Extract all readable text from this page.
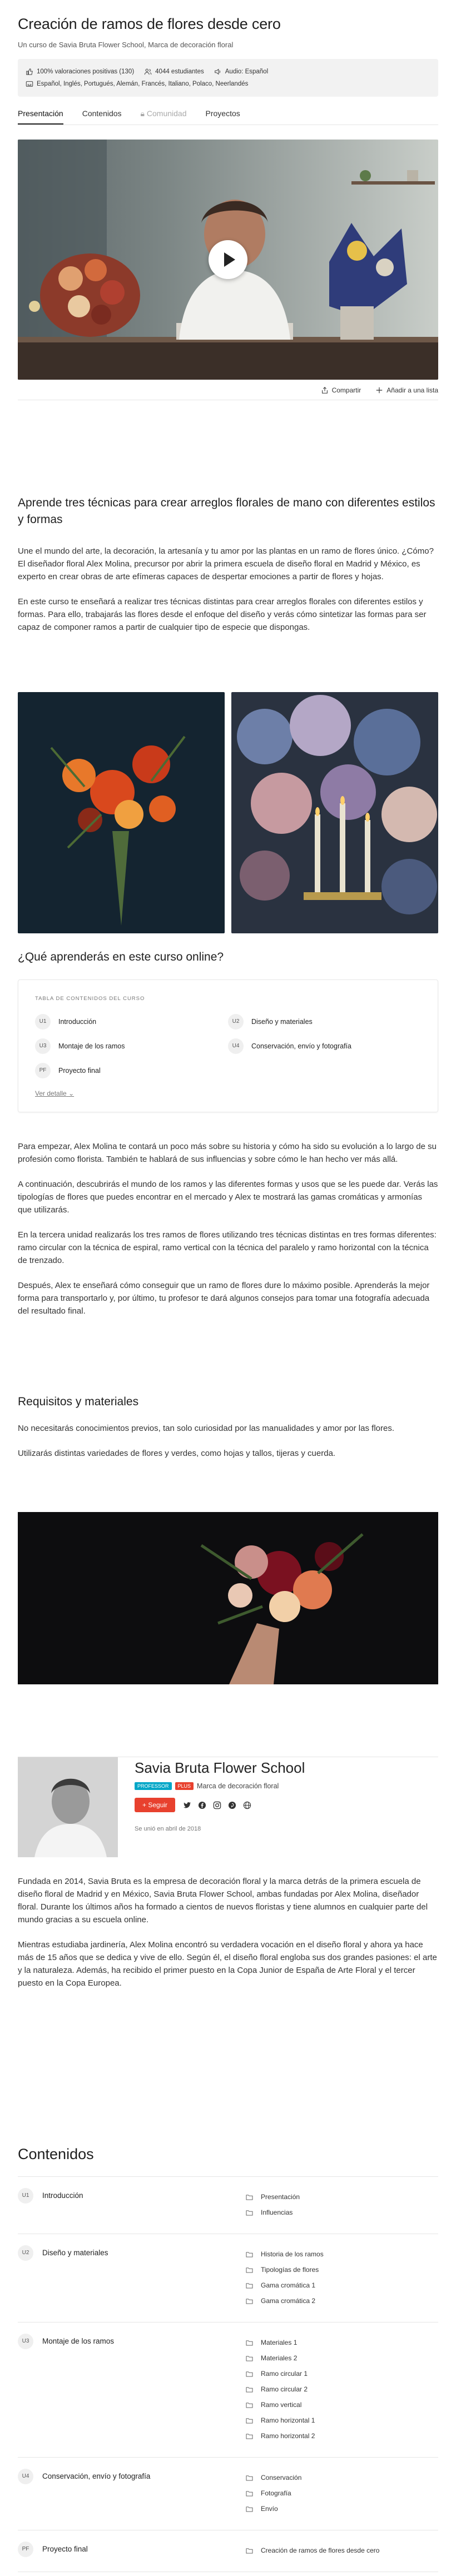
Creación de ramos de flores desde cero
Un curso de Savia Bruta Flower School, Marca de decoración floral
100% valoraciones positivas (130)	4044 estudiantes	Audio: Español
Español, Inglés, Portugués, Alemán, Francés, Italiano, Polaco, Neerlandés
Presentación Contenidos 🔒︎ Comunidad Proyectos
Compartir	Añadir a una lista
Aprende tres técnicas para crear arreglos florales de mano con diferentes estilos y formas

Une el mundo del arte, la decoración, la artesanía y tu amor por las plantas en un ramo de flores único. ¿Cómo? El diseñador floral Alex Molina, precursor por abrir la primera escuela de diseño floral en Madrid y México, es experto en crear obras de arte efímeras capaces de despertar emociones a partir de flores y hojas.

En este curso te enseñará a realizar tres técnicas distintas para crear arreglos florales con diferentes estilos y formas. Para ello, trabajarás las flores desde el enfoque del diseño y verás cómo sintetizar las formas para ser capaz de componer ramos a partir de cualquier tipo de especie que dispongas.

¿Qué aprenderás en este curso online?
TABLA DE CONTENIDOS DEL CURSO
U1	Introducción	U2	Diseño y materiales
U3	Montaje de los ramos	U4	Conservación, envío y fotografía
PF	Proyecto final
Ver detalle ⌄

Para empezar, Alex Molina te contará un poco más sobre su historia y cómo ha sido su evolución a lo largo de su profesión como florista. También te hablará de sus influencias y sobre cómo le han hecho ver más allá.

A continuación, descubrirás el mundo de los ramos y las diferentes formas y usos que se les puede dar. Verás las tipologías de flores que puedes encontrar en el mercado y Alex te mostrará las gamas cromáticas y armonías que utilizarás.

En la tercera unidad realizarás los tres ramos de flores utilizando tres técnicas distintas en tres formas diferentes: ramo circular con la técnica de espiral, ramo vertical con la técnica del paralelo y ramo horizontal con la técnica de trenzado.

Después, Alex te enseñará cómo conseguir que un ramo de flores dure lo máximo posible. Aprenderás la mejor forma para transportarlo y, por último, tu profesor te dará algunos consejos para tomar una fotografía adecuada del resultado final.

Requisitos y materiales

No necesitarás conocimientos previos, tan solo curiosidad por las manualidades y amor por las flores.

Utilizarás distintas variedades de flores y verdes, como hojas y tallos, tijeras y cuerda.

Savia Bruta Flower School
PROFESSOR	PLUS Marca de decoración floral
+ Seguir
Se unió en abril de 2018

Fundada en 2014, Savia Bruta es la empresa de decoración floral y la marca detrás de la primera escuela de diseño floral de Madrid y en México, Savia Bruta Flower School, ambas fundadas por Alex Molina, diseñador floral. Durante los últimos años ha formado a cientos de nuevos floristas y tiene alumnos en cualquier parte del mundo gracias a su escuela online.

Mientras estudiaba jardinería, Alex Molina encontró su verdadera vocación en el diseño floral y ahora ya hace más de 15 años que se dedica y vive de ello. Según él, el diseño floral engloba sus dos grandes pasiones: el arte y la naturaleza. Además, ha recibido el primer puesto en la Copa Junior de España de Arte Floral y el tercer puesto en la Copa Europea.

Contenidos
U1	Introducción	Presentación
Influencias
U2	Diseño y materiales	Historia de los ramos
Tipologías de flores
Gama cromática 1
Gama cromática 2
U3	Montaje de los ramos	Materiales 1
Materiales 2
Ramo circular 1
Ramo circular 2
Ramo vertical
Ramo horizontal 1
Ramo horizontal 2
U4	Conservación, envío y fotografía	Conservación
Fotografía
Envío
PF	Proyecto final	Creación de ramos de flores desde cero
